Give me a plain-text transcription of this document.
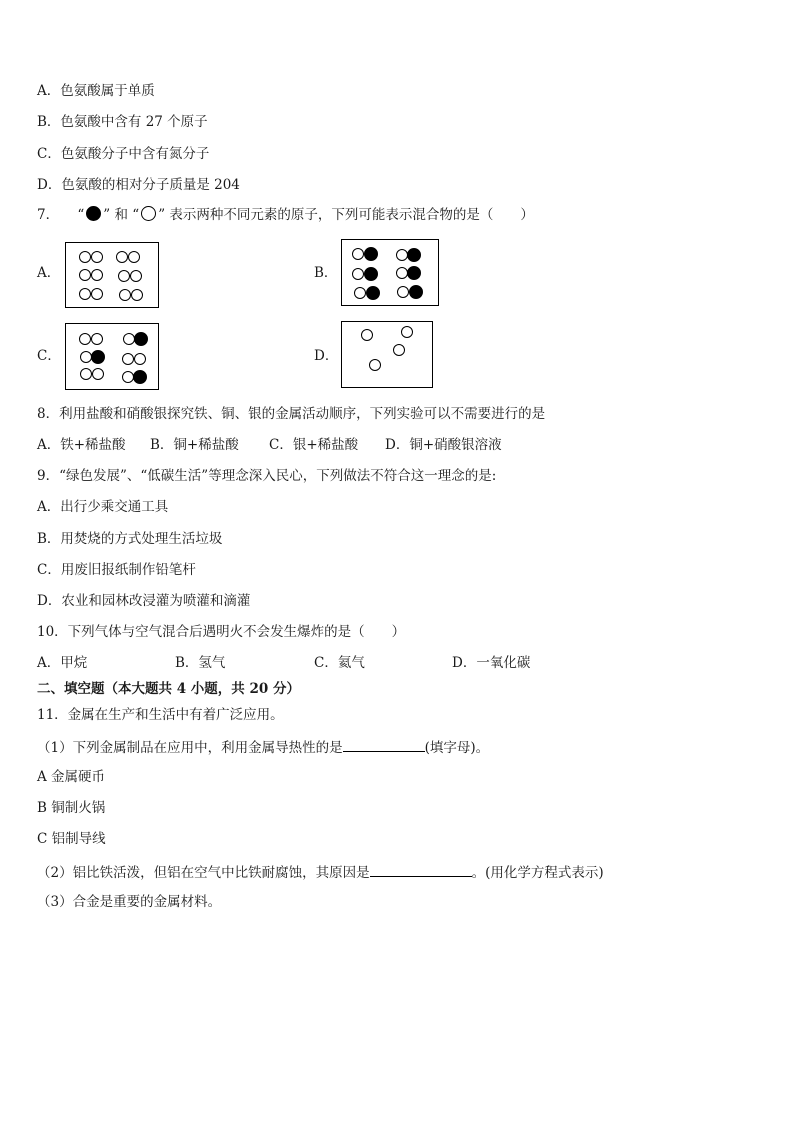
A．色氨酸属于单质
B．色氨酸中含有 27 个原子
C．色氨酸分子中含有氮分子
D．色氨酸的相对分子质量是 204
7． “ ” 和 “ ” 表示两种不同元素的原子，下列可能表示混合物的是（　　）
A．	B．
C．	D．
8．利用盐酸和硝酸银探究铁、铜、银的金属活动顺序，下列实验可以不需要进行的是
A．铁+稀盐酸 B．铜+稀盐酸 C．银+稀盐酸 D．铜+硝酸银溶液
9．“绿色发展”、“低碳生活”等理念深入民心，下列做法不符合这一理念的是:
A．出行少乘交通工具
B．用焚烧的方式处理生活垃圾
C．用废旧报纸制作铅笔杆
D．农业和园林改浸灌为喷灌和滴灌
10．下列气体与空气混合后遇明火不会发生爆炸的是（　　）
A．甲烷	B．氢气	C．氦气	D．一氧化碳
二、填空题（本大题共 4 小题，共 20 分）
11．金属在生产和生活中有着广泛应用。
（1）下列金属制品在应用中，利用金属导热性的是	(填字母)。
A 金属硬币
B 铜制火锅
C 铝制导线
（2）铝比铁活泼，但铝在空气中比铁耐腐蚀，其原因是	。(用化学方程式表示)
（3）合金是重要的金属材料。
